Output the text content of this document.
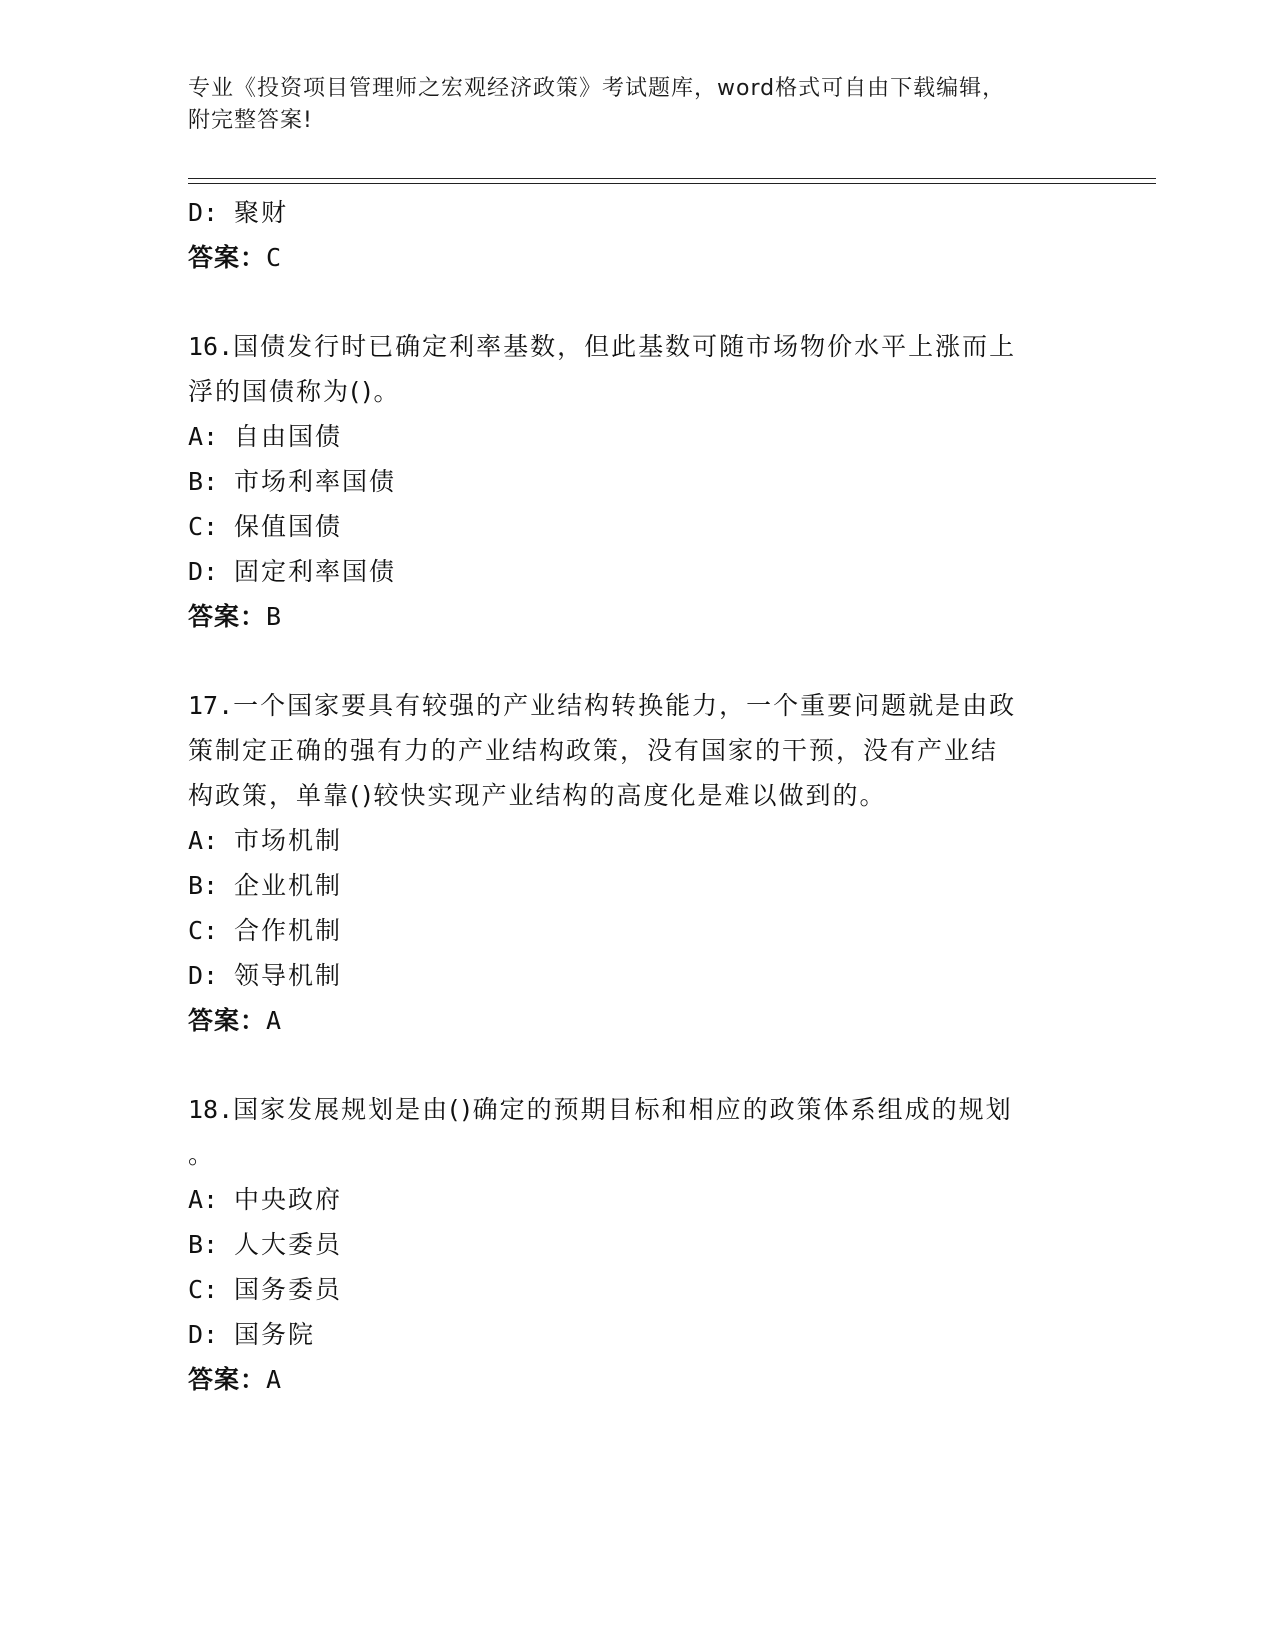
专业《投资项目管理师之宏观经济政策》考试题库，word格式可自由下载编辑，
附完整答案!
D: 聚财
答案：C
16.国债发行时已确定利率基数，但此基数可随市场物价水平上涨而上
浮的国债称为()。
A: 自由国债
B: 市场利率国债
C: 保值国债
D: 固定利率国债
答案：B
17.一个国家要具有较强的产业结构转换能力，一个重要问题就是由政
策制定正确的强有力的产业结构政策，没有国家的干预，没有产业结
构政策，单靠()较快实现产业结构的高度化是难以做到的。
A: 市场机制
B: 企业机制
C: 合作机制
D: 领导机制
答案：A
18.国家发展规划是由()确定的预期目标和相应的政策体系组成的规划
。
A: 中央政府
B: 人大委员
C: 国务委员
D: 国务院
答案：A
